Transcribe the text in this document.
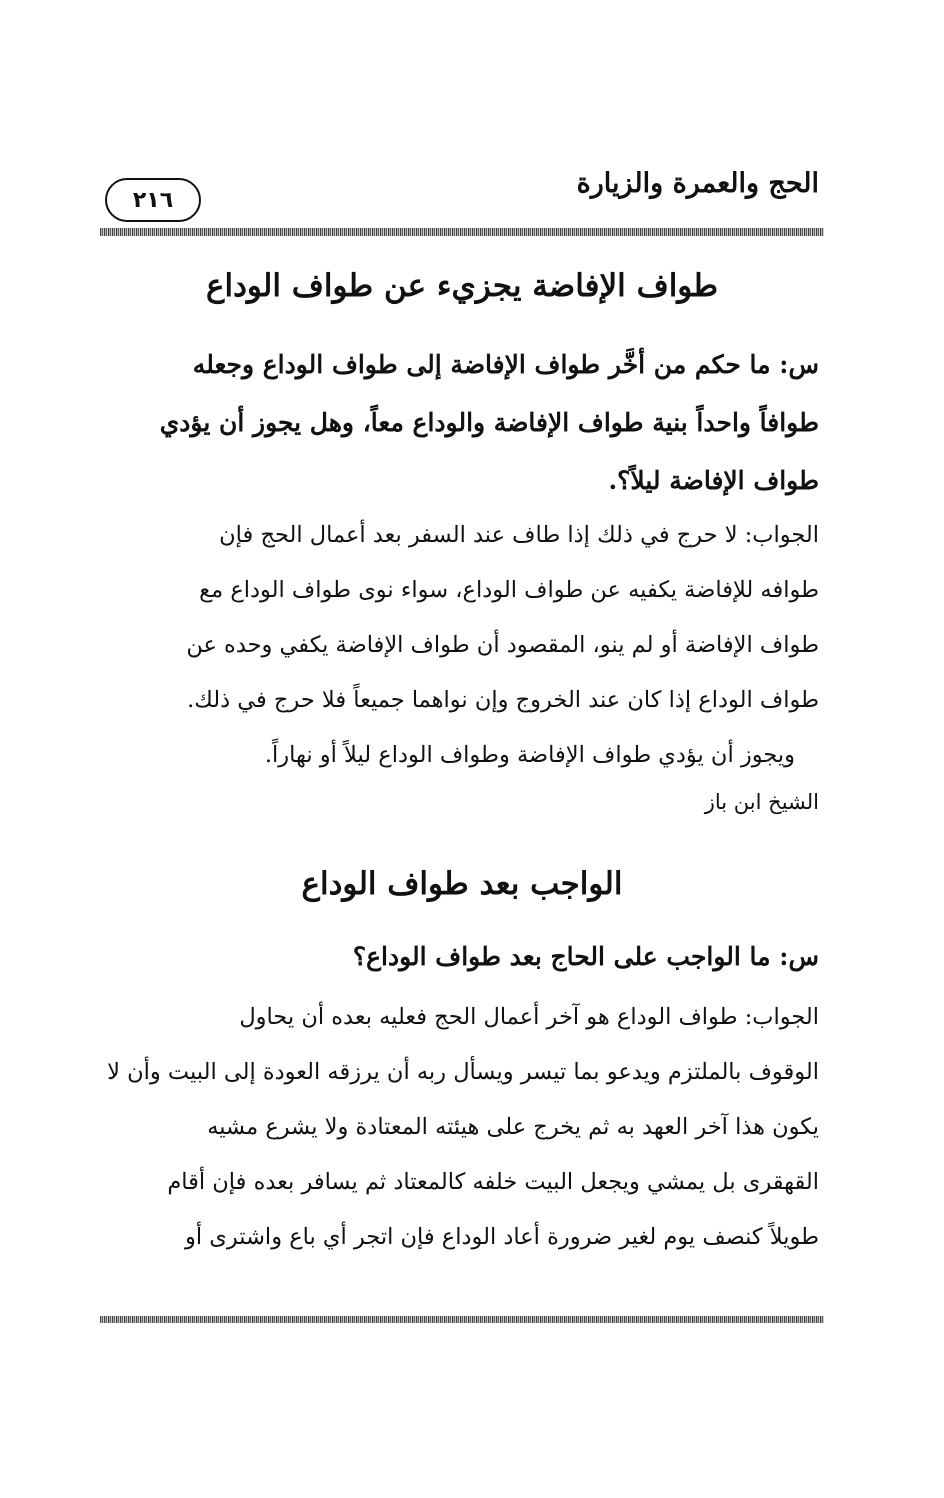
الحج والعمرة والزيارة
٢١٦
طواف الإفاضة يجزيء عن طواف الوداع
س: ما حكم من أخَّر طواف الإفاضة إلى طواف الوداع وجعله
طوافاً واحداً بنية طواف الإفاضة والوداع معاً، وهل يجوز أن يؤدي
طواف الإفاضة ليلاً؟.
الجواب: لا حرج في ذلك إذا طاف عند السفر بعد أعمال الحج فإن
طوافه للإفاضة يكفيه عن طواف الوداع، سواء نوى طواف الوداع مع
طواف الإفاضة أو لم ينو، المقصود أن طواف الإفاضة يكفي وحده عن
طواف الوداع إذا كان عند الخروج وإن نواهما جميعاً فلا حرج في ذلك.
ويجوز أن يؤدي طواف الإفاضة وطواف الوداع ليلاً أو نهاراً.
الشيخ ابن باز
الواجب بعد طواف الوداع
س: ما الواجب على الحاج بعد طواف الوداع؟
الجواب: طواف الوداع هو آخر أعمال الحج فعليه بعده أن يحاول
الوقوف بالملتزم ويدعو بما تيسر ويسأل ربه أن يرزقه العودة إلى البيت وأن لا
يكون هذا آخر العهد به ثم يخرج على هيئته المعتادة ولا يشرع مشيه
القهقرى بل يمشي ويجعل البيت خلفه كالمعتاد ثم يسافر بعده فإن أقام
طويلاً كنصف يوم لغير ضرورة أعاد الوداع فإن اتجر أي باع واشترى أو
